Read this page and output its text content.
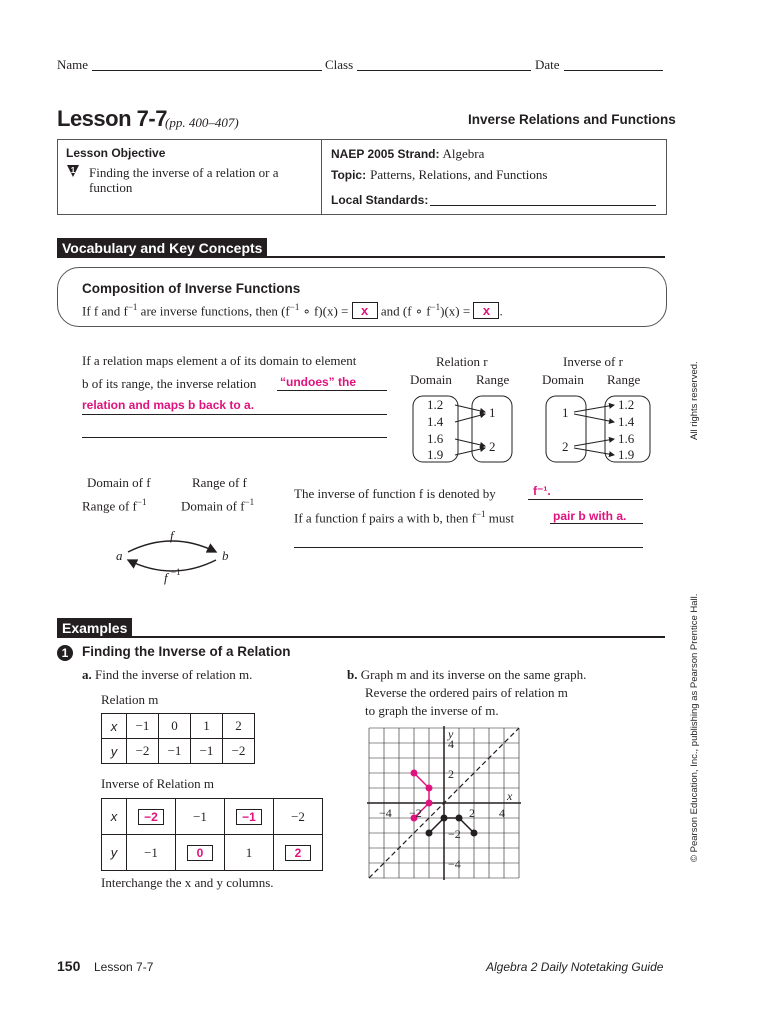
Name	Class	Date
Lesson 7-7
(pp. 400–407)	Inverse Relations and Functions
Lesson Objective
1 Finding the inverse of a relation or a
function
NAEP 2005 Strand: Algebra
Topic: Patterns, Relations, and Functions
Local Standards:
Vocabulary and Key Concepts
Composition of Inverse Functions
If f and $f^{-1}$ are inverse functions, then ($f^{-1}$ ∘ f)(x) = x and (f ∘ $f^{-1})(x) = x$ .
If a relation maps element a of its domain to element
b of its range, the inverse relation “undoes” the
relation and maps b back to a.
Relation r
Domain Range
Inverse of r
Domain Range
1.2
1.4
1.6
1.9
1
2
1
2
1.2
1.4
1.6
1.9
Domain of f
Range of $f^{-1}$
Range of f
Domain of $f^{-1}$
a	b
f
f −1
The inverse of function f is denoted by	f⁻¹.
If a function f pairs a with b, then $f^{-1}$ must	pair b with a.
Examples
1	Finding the Inverse of a Relation
a. Find the inverse of relation m.
Relation m
x	−1	0	1	2
y	−2	−1	−1	−2
Inverse of Relation m
x	−2	−1	−1	−2
y	−1	0	1	2
Interchange the x and y columns.
b. Graph m and its inverse on the same graph.
Reverse the ordered pairs of relation m
to graph the inverse of m.
−4 −2	2 4
4
2
−2
−4
x
y
All rights reserved.
© Pearson Education, Inc., publishing as Pearson Prentice Hall.
150 Lesson 7-7	Algebra 2 Daily Notetaking Guide
